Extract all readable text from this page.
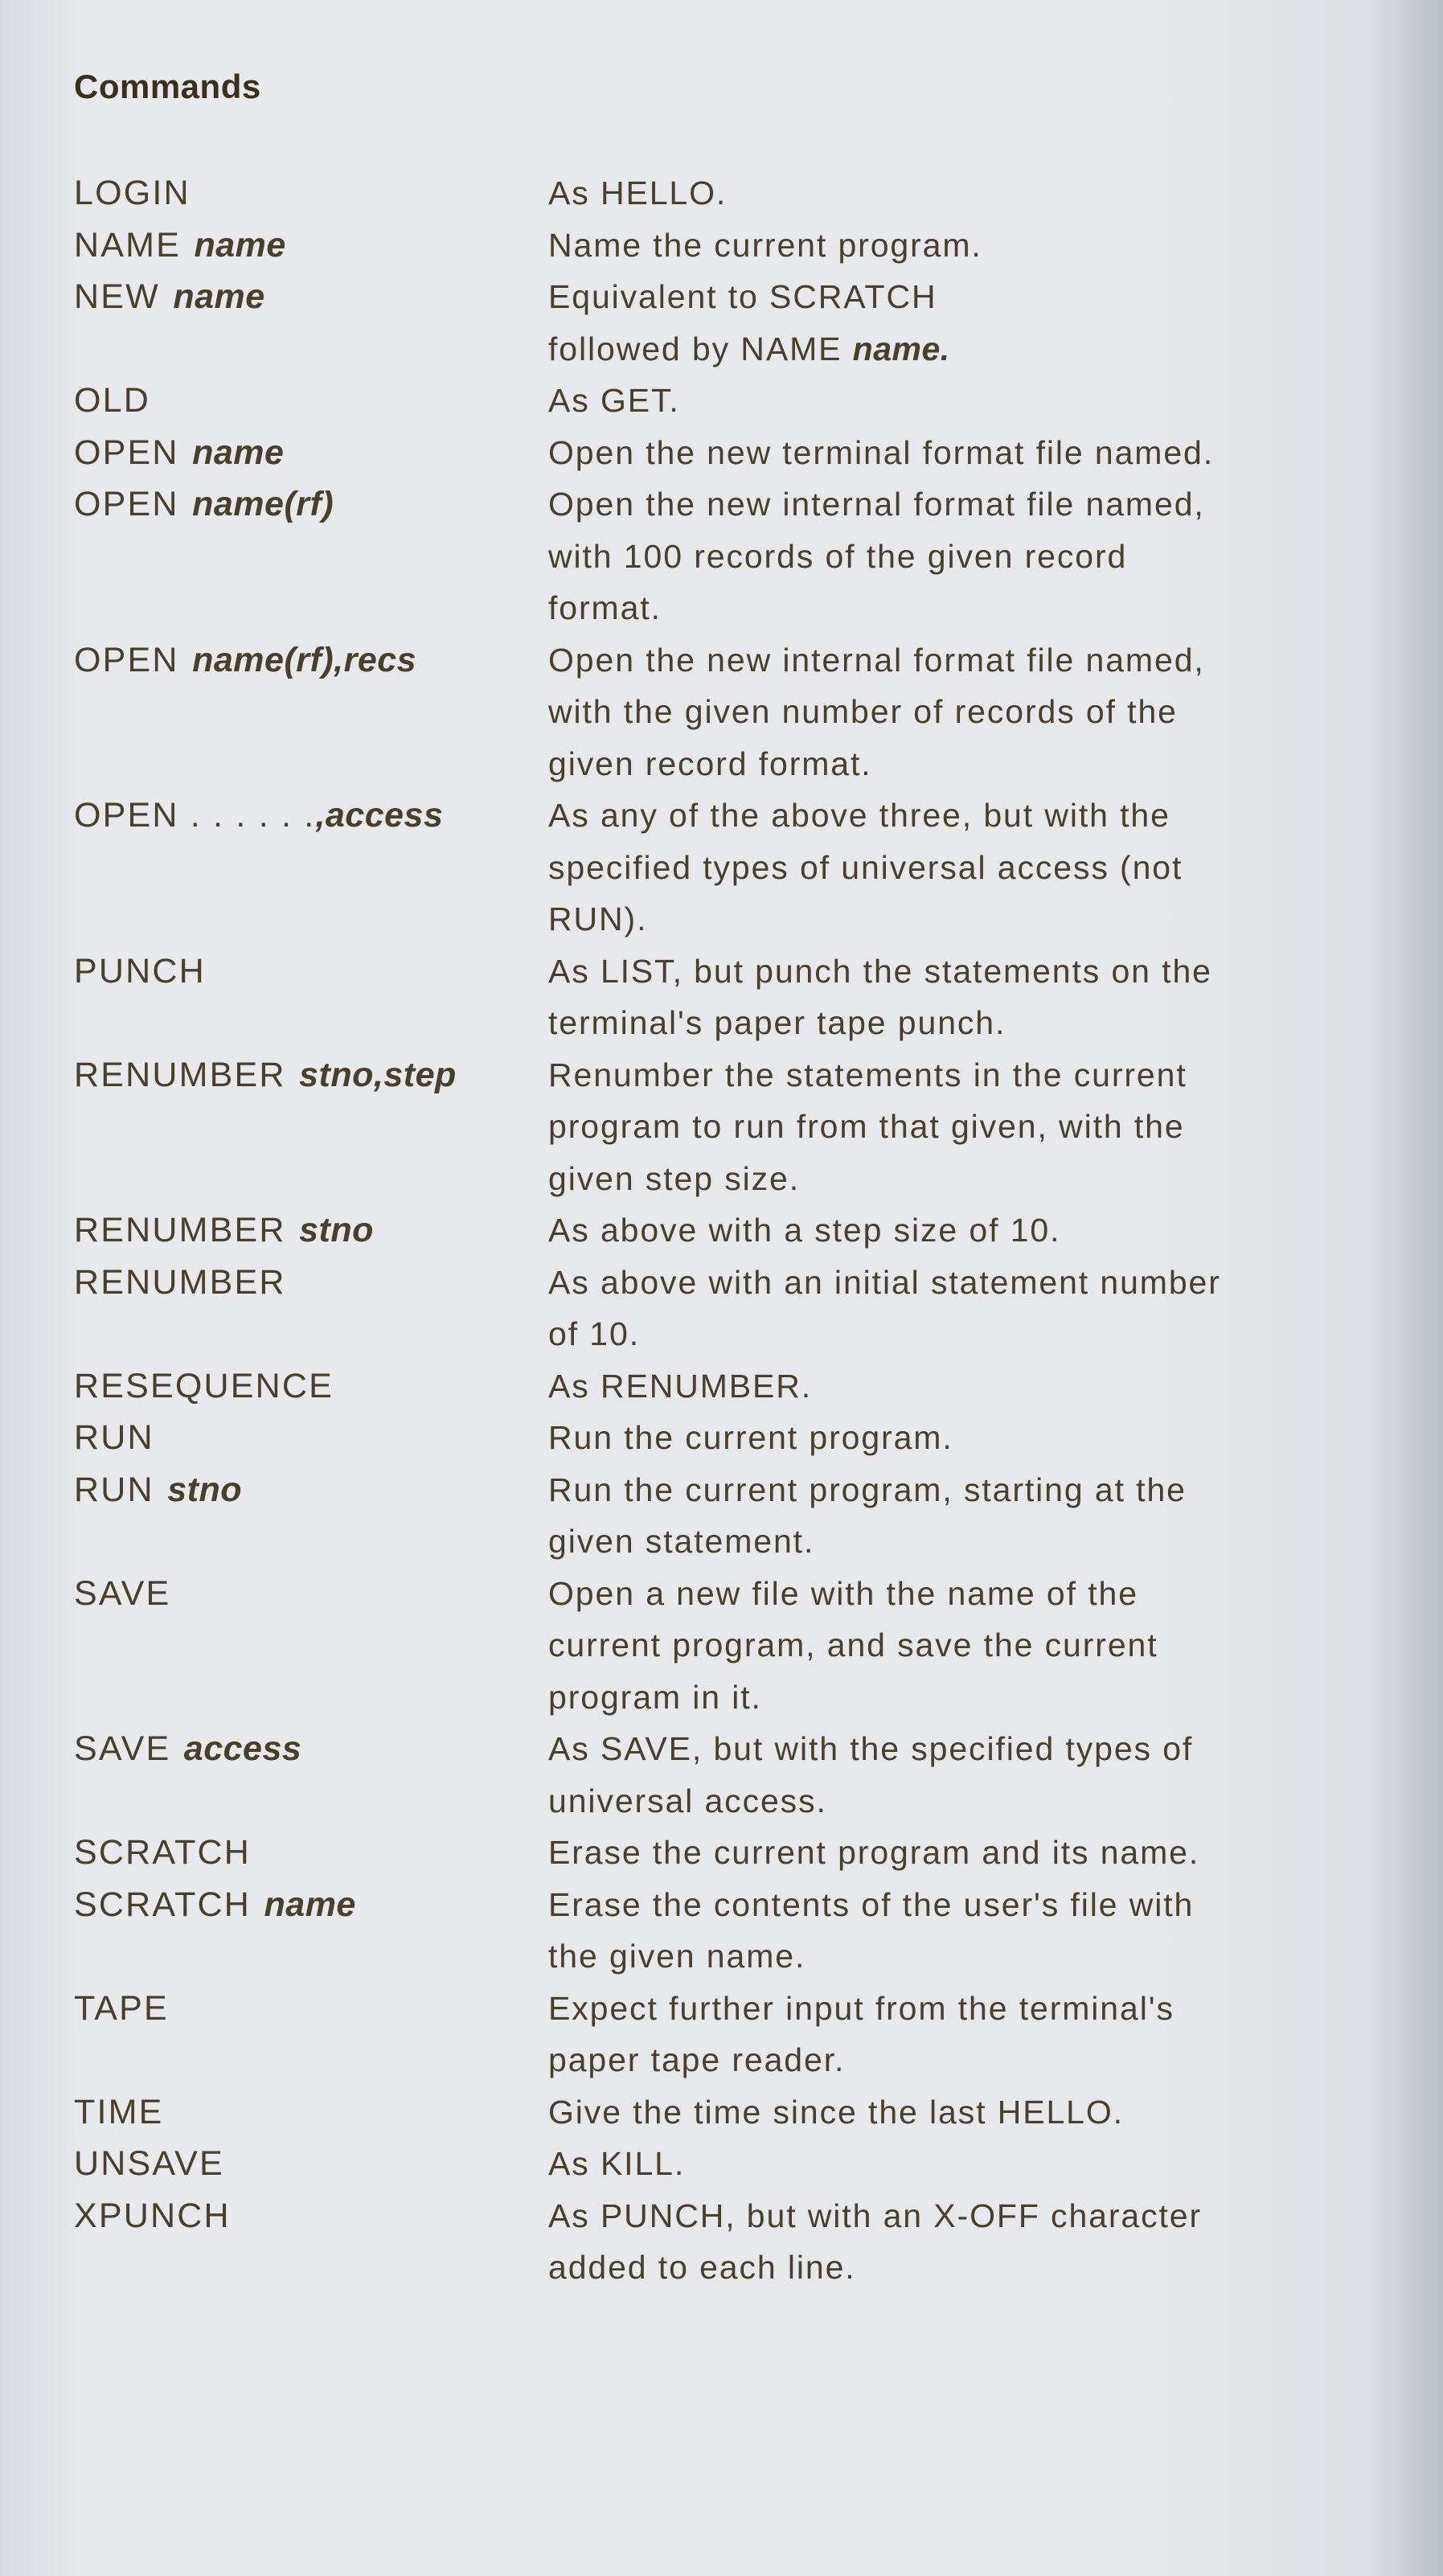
Commands
LOGIN	As HELLO.
NAME name	Name the current program.
NEW name	Equivalent to SCRATCH
followed by NAME name.
OLD	As GET.
OPEN name	Open the new terminal format file named.
OPEN name(rf)	Open the new internal format file named,
with 100 records of the given record
format.
OPEN name(rf),recs	Open the new internal format file named,
with the given number of records of the
given record format.
OPEN . . . . . .,access	As any of the above three, but with the
specified types of universal access (not
RUN).
PUNCH	As LIST, but punch the statements on the
terminal's paper tape punch.
RENUMBER stno,step	Renumber the statements in the current
program to run from that given, with the
given step size.
RENUMBER stno	As above with a step size of 10.
RENUMBER	As above with an initial statement number
of 10.
RESEQUENCE	As RENUMBER.
RUN	Run the current program.
RUN stno	Run the current program, starting at the
given statement.
SAVE	Open a new file with the name of the
current program, and save the current
program in it.
SAVE access	As SAVE, but with the specified types of
universal access.
SCRATCH	Erase the current program and its name.
SCRATCH name	Erase the contents of the user's file with
the given name.
TAPE	Expect further input from the terminal's
paper tape reader.
TIME	Give the time since the last HELLO.
UNSAVE	As KILL.
XPUNCH	As PUNCH, but with an X-OFF character
added to each line.
